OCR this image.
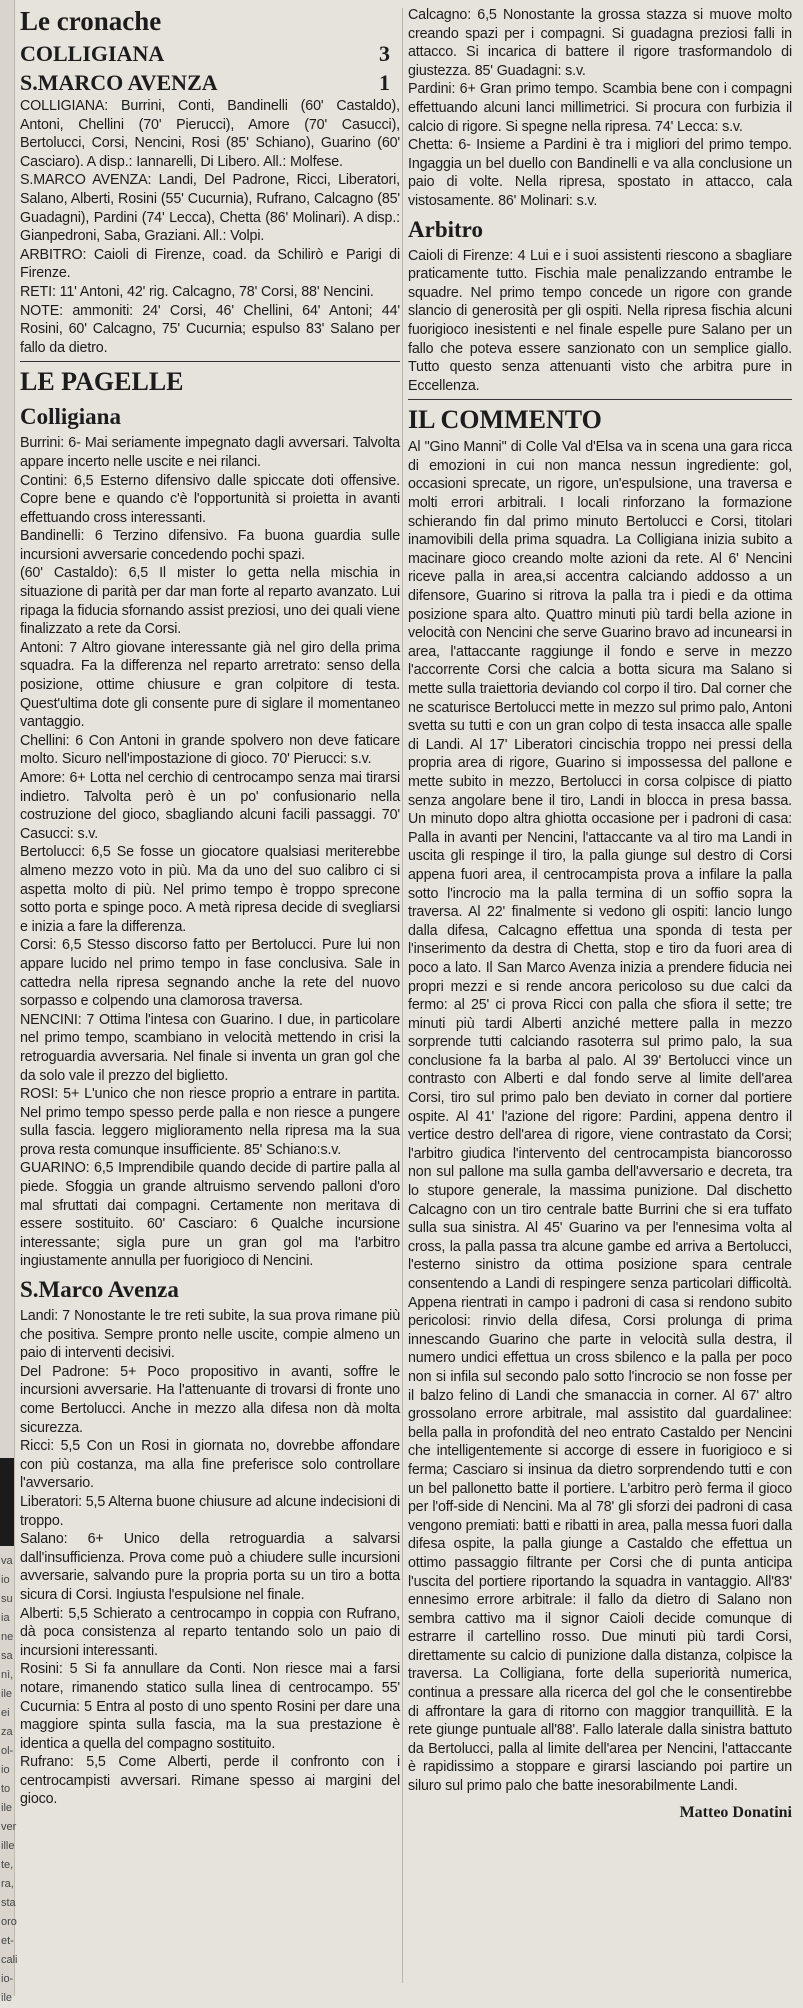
va
io
su
ia
ne
sa
nì,
ile
ei
za
ol-
io
to
ile
ver
ille
te,
ra,
sta
oro
et-
cali
io-
ile
Le cronache
COLLIGIANA	3
S.MARCO AVENZA	1

COLLIGIANA: Burrini, Conti, Bandinelli (60' Castaldo), Antoni, Chellini (70' Pierucci), Amore (70' Casucci), Bertolucci, Corsi, Nencini, Rosi (85' Schiano), Guarino (60' Casciaro). A disp.: Iannarelli, Di Libero. All.: Molfese.

S.MARCO AVENZA: Landi, Del Padrone, Ricci, Liberatori, Salano, Alberti, Rosini (55' Cucurnia), Rufrano, Calcagno (85' Guadagni), Pardini (74' Lecca), Chetta (86' Molinari). A disp.: Gianpedroni, Saba, Graziani. All.: Volpi.

ARBITRO: Caioli di Firenze, coad. da Schilirò e Parigi di Firenze.

RETI: 11' Antoni, 42' rig. Calcagno, 78' Corsi, 88' Nencini.

NOTE: ammoniti: 24' Corsi, 46' Chellini, 64' Antoni; 44' Rosini, 60' Calcagno, 75' Cucurnia; espulso 83' Salano per fallo da dietro.

LE PAGELLE
Colligiana

Burrini: 6- Mai seriamente impegnato dagli avversari. Talvolta appare incerto nelle uscite e nei rilanci.

Contini: 6,5 Esterno difensivo dalle spiccate doti offensive. Copre bene e quando c'è l'opportunità si proietta in avanti effettuando cross interessanti.

Bandinelli: 6 Terzino difensivo. Fa buona guardia sulle incursioni avversarie concedendo pochi spazi.

(60' Castaldo): 6,5 Il mister lo getta nella mischia in situazione di parità per dar man forte al reparto avanzato. Lui ripaga la fiducia sfornando assist preziosi, uno dei quali viene finalizzato a rete da Corsi.

Antoni: 7 Altro giovane interessante già nel giro della prima squadra. Fa la differenza nel reparto arretrato: senso della posizione, ottime chiusure e gran colpitore di testa. Quest'ultima dote gli consente pure di siglare il momentaneo vantaggio.

Chellini: 6 Con Antoni in grande spolvero non deve faticare molto. Sicuro nell'impostazione di gioco. 70' Pierucci: s.v.

Amore: 6+ Lotta nel cerchio di centrocampo senza mai tirarsi indietro. Talvolta però è un po' confusionario nella costruzione del gioco, sbagliando alcuni facili passaggi. 70' Casucci: s.v.

Bertolucci: 6,5 Se fosse un giocatore qualsiasi meriterebbe almeno mezzo voto in più. Ma da uno del suo calibro ci si aspetta molto di più. Nel primo tempo è troppo sprecone sotto porta e spinge poco. A metà ripresa decide di svegliarsi e inizia a fare la differenza.

Corsi: 6,5 Stesso discorso fatto per Bertolucci. Pure lui non appare lucido nel primo tempo in fase conclusiva. Sale in cattedra nella ripresa segnando anche la rete del nuovo sorpasso e colpendo una clamorosa traversa.

NENCINI: 7 Ottima l'intesa con Guarino. I due, in particolare nel primo tempo, scambiano in velocità mettendo in crisi la retroguardia avversaria. Nel finale si inventa un gran gol che da solo vale il prezzo del biglietto.

ROSI: 5+ L'unico che non riesce proprio a entrare in partita. Nel primo tempo spesso perde palla e non riesce a pungere sulla fascia. leggero miglioramento nella ripresa ma la sua prova resta comunque insufficiente. 85' Schiano:s.v.

GUARINO: 6,5 Imprendibile quando decide di partire palla al piede. Sfoggia un grande altruismo servendo palloni d'oro mal sfruttati dai compagni. Certamente non meritava di essere sostituito. 60' Casciaro: 6 Qualche incursione interessante; sigla pure un gran gol ma l'arbitro ingiustamente annulla per fuorigioco di Nencini.

S.Marco Avenza

Landi: 7 Nonostante le tre reti subite, la sua prova rimane più che positiva. Sempre pronto nelle uscite, compie almeno un paio di interventi decisivi.

Del Padrone: 5+ Poco propositivo in avanti, soffre le incursioni avversarie. Ha l'attenuante di trovarsi di fronte uno come Bertolucci. Anche in mezzo alla difesa non dà molta sicurezza.

Ricci: 5,5 Con un Rosi in giornata no, dovrebbe affondare con più costanza, ma alla fine preferisce solo controllare l'avversario.

Liberatori: 5,5 Alterna buone chiusure ad alcune indecisioni di troppo.

Salano: 6+ Unico della retroguardia a salvarsi dall'insufficienza. Prova come può a chiudere sulle incursioni avversarie, salvando pure la propria porta su un tiro a botta sicura di Corsi. Ingiusta l'espulsione nel finale.

Alberti: 5,5 Schierato a centrocampo in coppia con Rufrano, dà poca consistenza al reparto tentando solo un paio di incursioni interessanti.

Rosini: 5 Si fa annullare da Conti. Non riesce mai a farsi notare, rimanendo statico sulla linea di centrocampo. 55' Cucurnia: 5 Entra al posto di uno spento Rosini per dare una maggiore spinta sulla fascia, ma la sua prestazione è identica a quella del compagno sostituito.

Rufrano: 5,5 Come Alberti, perde il confronto con i centrocampisti avversari. Rimane spesso ai margini del gioco.

Calcagno: 6,5 Nonostante la grossa stazza si muove molto creando spazi per i compagni. Si guadagna preziosi falli in attacco. Si incarica di battere il rigore trasformandolo di giustezza. 85' Guadagni: s.v.

Pardini: 6+ Gran primo tempo. Scambia bene con i compagni effettuando alcuni lanci millimetrici. Si procura con furbizia il calcio di rigore. Si spegne nella ripresa. 74' Lecca: s.v.

Chetta: 6- Insieme a Pardini è tra i migliori del primo tempo. Ingaggia un bel duello con Bandinelli e va alla conclusione un paio di volte. Nella ripresa, spostato in attacco, cala vistosamente. 86' Molinari: s.v.

Arbitro

Caioli di Firenze: 4 Lui e i suoi assistenti riescono a sbagliare praticamente tutto. Fischia male penalizzando entrambe le squadre. Nel primo tempo concede un rigore con grande slancio di generosità per gli ospiti. Nella ripresa fischia alcuni fuorigioco inesistenti e nel finale espelle pure Salano per un fallo che poteva essere sanzionato con un semplice giallo. Tutto questo senza attenuanti visto che arbitra pure in Eccellenza.

IL COMMENTO

Al "Gino Manni" di Colle Val d'Elsa va in scena una gara ricca di emozioni in cui non manca nessun ingrediente: gol, occasioni sprecate, un rigore, un'espulsione, una traversa e molti errori arbitrali. I locali rinforzano la formazione schierando fin dal primo minuto Bertolucci e Corsi, titolari inamovibili della prima squadra. La Colligiana inizia subito a macinare gioco creando molte azioni da rete. Al 6' Nencini riceve palla in area,si accentra calciando addosso a un difensore, Guarino si ritrova la palla tra i piedi e da ottima posizione spara alto. Quattro minuti più tardi bella azione in velocità con Nencini che serve Guarino bravo ad incunearsi in area, l'attaccante raggiunge il fondo e serve in mezzo l'accorrente Corsi che calcia a botta sicura ma Salano si mette sulla traiettoria deviando col corpo il tiro. Dal corner che ne scaturisce Bertolucci mette in mezzo sul primo palo, Antoni svetta su tutti e con un gran colpo di testa insacca alle spalle di Landi. Al 17' Liberatori cincischia troppo nei pressi della propria area di rigore, Guarino si impossessa del pallone e mette subito in mezzo, Bertolucci in corsa colpisce di piatto senza angolare bene il tiro, Landi in blocca in presa bassa. Un minuto dopo altra ghiotta occasione per i padroni di casa: Palla in avanti per Nencini, l'attaccante va al tiro ma Landi in uscita gli respinge il tiro, la palla giunge sul destro di Corsi appena fuori area, il centrocampista prova a infilare la palla sotto l'incrocio ma la palla termina di un soffio sopra la traversa. Al 22' finalmente si vedono gli ospiti: lancio lungo dalla difesa, Calcagno effettua una sponda di testa per l'inserimento da destra di Chetta, stop e tiro da fuori area di poco a lato. Il San Marco Avenza inizia a prendere fiducia nei propri mezzi e si rende ancora pericoloso su due calci da fermo: al 25' ci prova Ricci con palla che sfiora il sette; tre minuti più tardi Alberti anziché mettere palla in mezzo sorprende tutti calciando rasoterra sul primo palo, la sua conclusione fa la barba al palo. Al 39' Bertolucci vince un contrasto con Alberti e dal fondo serve al limite dell'area Corsi, tiro sul primo palo ben deviato in corner dal portiere ospite. Al 41' l'azione del rigore: Pardini, appena dentro il vertice destro dell'area di rigore, viene contrastato da Corsi; l'arbitro giudica l'intervento del centrocampista biancorosso non sul pallone ma sulla gamba dell'avversario e decreta, tra lo stupore generale, la massima punizione. Dal dischetto Calcagno con un tiro centrale batte Burrini che si era tuffato sulla sua sinistra. Al 45' Guarino va per l'ennesima volta al cross, la palla passa tra alcune gambe ed arriva a Bertolucci, l'esterno sinistro da ottima posizione spara centrale consentendo a Landi di respingere senza particolari difficoltà. Appena rientrati in campo i padroni di casa si rendono subito pericolosi: rinvio della difesa, Corsi prolunga di prima innescando Guarino che parte in velocità sulla destra, il numero undici effettua un cross sbilenco e la palla per poco non si infila sul secondo palo sotto l'incrocio se non fosse per il balzo felino di Landi che smanaccia in corner. Al 67' altro grossolano errore arbitrale, mal assistito dal guardalinee: bella palla in profondità del neo entrato Castaldo per Nencini che intelligentemente si accorge di essere in fuorigioco e si ferma; Casciaro si insinua da dietro sorprendendo tutti e con un bel pallonetto batte il portiere. L'arbitro però ferma il gioco per l'off-side di Nencini. Ma al 78' gli sforzi dei padroni di casa vengono premiati: batti e ribatti in area, palla messa fuori dalla difesa ospite, la palla giunge a Castaldo che effettua un ottimo passaggio filtrante per Corsi che di punta anticipa l'uscita del portiere riportando la squadra in vantaggio. All'83' ennesimo errore arbitrale: il fallo da dietro di Salano non sembra cattivo ma il signor Caioli decide comunque di estrarre il cartellino rosso. Due minuti più tardi Corsi, direttamente su calcio di punizione dalla distanza, colpisce la traversa. La Colligiana, forte della superiorità numerica, continua a pressare alla ricerca del gol che le consentirebbe di affrontare la gara di ritorno con maggior tranquillità. E la rete giunge puntuale all'88'. Fallo laterale dalla sinistra battuto da Bertolucci, palla al limite dell'area per Nencini, l'attaccante è rapidissimo a stoppare e girarsi lasciando poi partire un siluro sul primo palo che batte inesorabilmente Landi.

Matteo Donatini
